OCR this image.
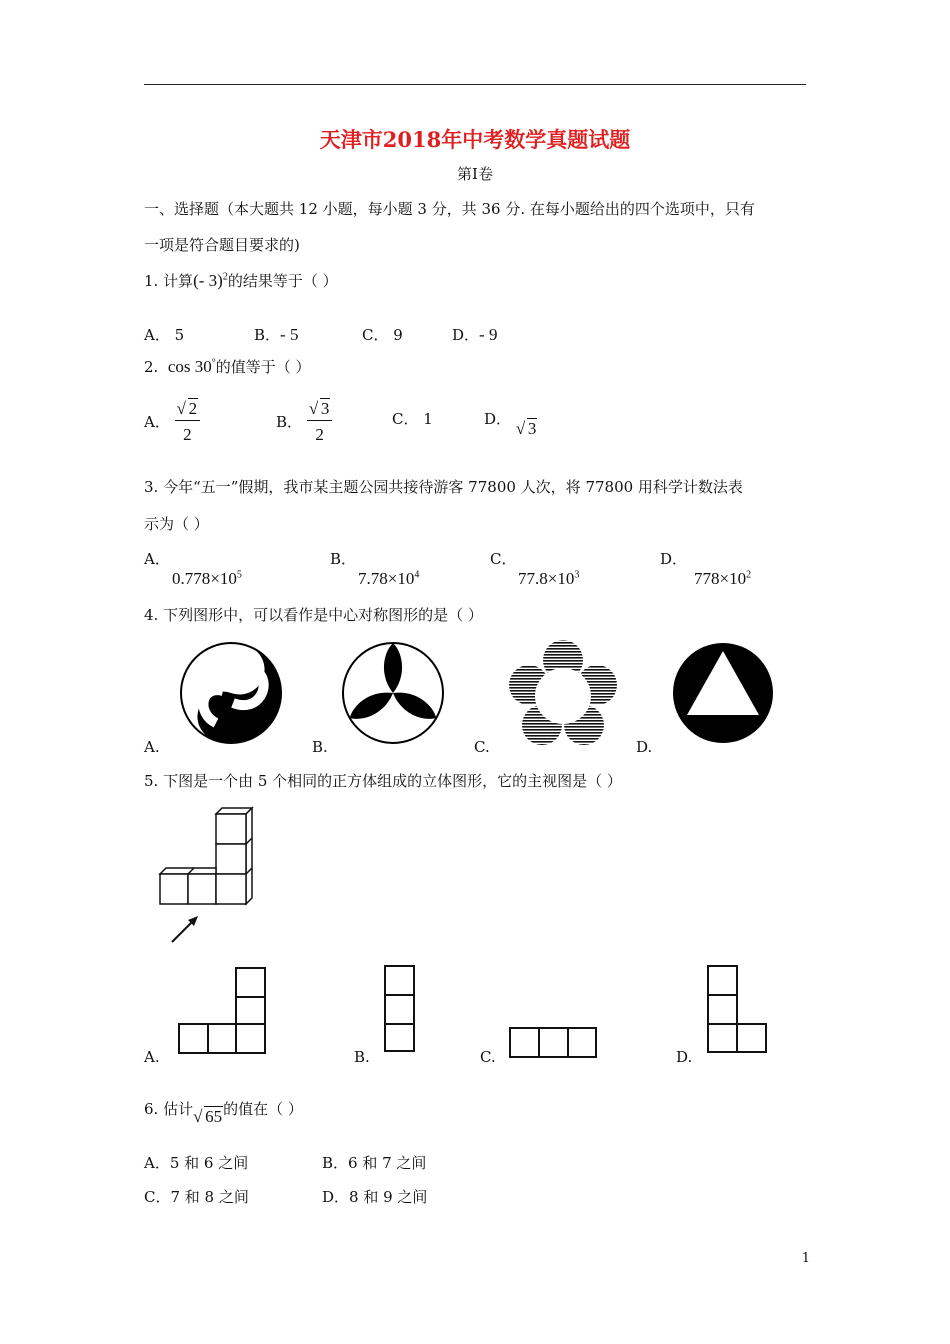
天津市2018年中考数学真题试题
第Ⅰ卷
一、选择题（本大题共 12 小题，每小题 3 分，共 36 分. 在每小题给出的四个选项中，只有
一项是符合题目要求的)
1. 计算(- 3)$^2$的结果等于（ ）
A． 5	B．- 5	C． 9	D．- 9
2. cos 30°的值等于（ ）
A． $\frac{√ 2}{2}$	B． $\frac{√ 3}{2}$	C． 1	D． √ 3
3. 今年“五一”假期，我市某主题公园共接待游客 77800 人次，将 77800 用科学计数法表
示为（ ）
A．
$0.778\times 10^5$
B．
$7.78\times 10^4$
C．
$77.8\times 10^3$
D．
$778\times 10^2$
4. 下列图形中，可以看作是中心对称图形的是（ ）
A.	B.	C.	D.
5. 下图是一个由 5 个相同的正方体组成的立体图形，它的主视图是（ ）
A.	B.	C.	D.
6. 估计 √ 65的值在（ ）
A．5 和 6 之间	B．6 和 7 之间
C．7 和 8 之间	D．8 和 9 之间
1
